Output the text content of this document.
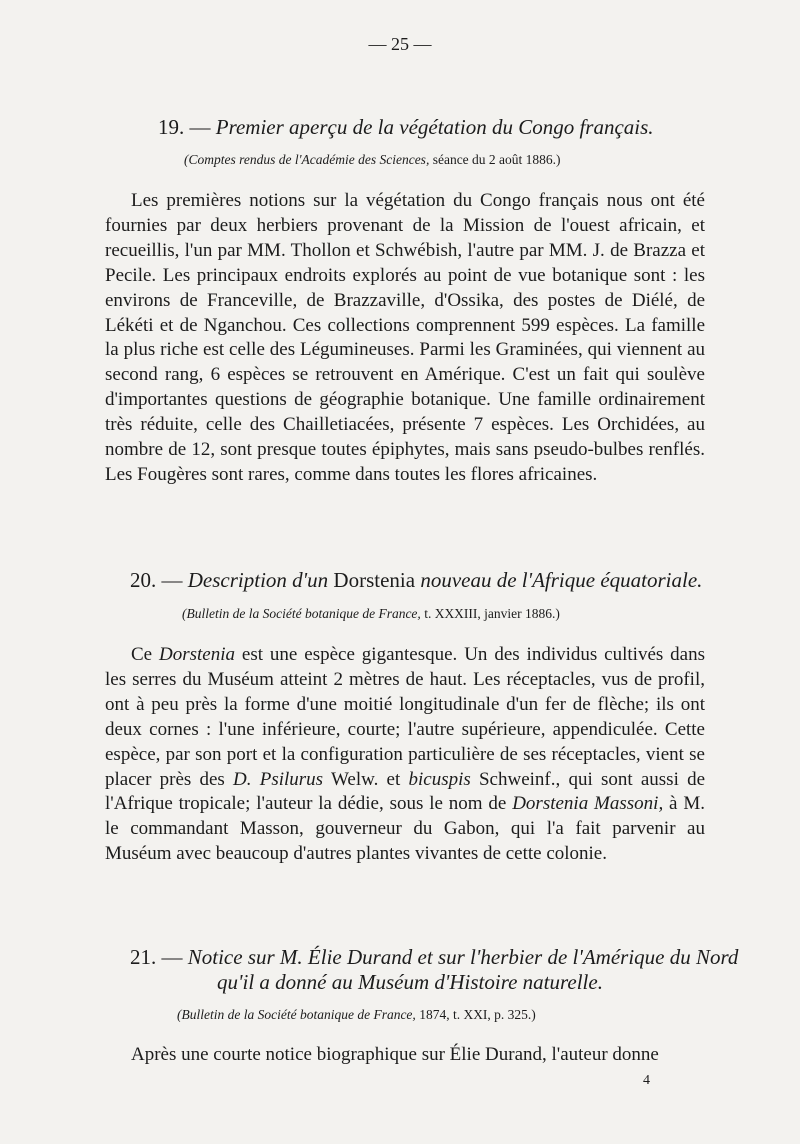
— 25 —
19. — Premier aperçu de la végétation du Congo français.
(Comptes rendus de l'Académie des Sciences, séance du 2 août 1886.)

Les premières notions sur la végétation du Congo français nous ont été fournies par deux herbiers provenant de la Mission de l'ouest africain, et recueillis, l'un par MM. Thollon et Schwébish, l'autre par MM. J. de Brazza et Pecile. Les principaux endroits explorés au point de vue botanique sont : les environs de Franceville, de Brazzaville, d'Ossika, des postes de Diélé, de Lékéti et de Nganchou. Ces collections comprennent 599 espèces. La famille la plus riche est celle des Légumineuses. Parmi les Graminées, qui viennent au second rang, 6 espèces se retrouvent en Amérique. C'est un fait qui soulève d'importantes questions de géographie botanique. Une famille ordinairement très réduite, celle des Chailletiacées, présente 7 espèces. Les Orchidées, au nombre de 12, sont presque toutes épiphytes, mais sans pseudo-bulbes renflés. Les Fougères sont rares, comme dans toutes les flores africaines.

20. — Description d'un Dorstenia nouveau de l'Afrique équatoriale.
(Bulletin de la Société botanique de France, t. XXXIII, janvier 1886.)

Ce Dorstenia est une espèce gigantesque. Un des individus cultivés dans les serres du Muséum atteint 2 mètres de haut. Les réceptacles, vus de profil, ont à peu près la forme d'une moitié longitudinale d'un fer de flèche; ils ont deux cornes : l'une inférieure, courte; l'autre supérieure, appendiculée. Cette espèce, par son port et la configuration particulière de ses réceptacles, vient se placer près des D. Psilurus Welw. et bicuspis Schweinf., qui sont aussi de l'Afrique tropicale; l'auteur la dédie, sous le nom de Dorstenia Massoni, à M. le commandant Masson, gouverneur du Gabon, qui l'a fait parvenir au Muséum avec beaucoup d'autres plantes vivantes de cette colonie.

21. — Notice sur M. Élie Durand et sur l'herbier de l'Amérique du Nord
qu'il a donné au Muséum d'Histoire naturelle.
(Bulletin de la Société botanique de France, 1874, t. XXI, p. 325.)

Après une courte notice biographique sur Élie Durand, l'auteur donne

4
